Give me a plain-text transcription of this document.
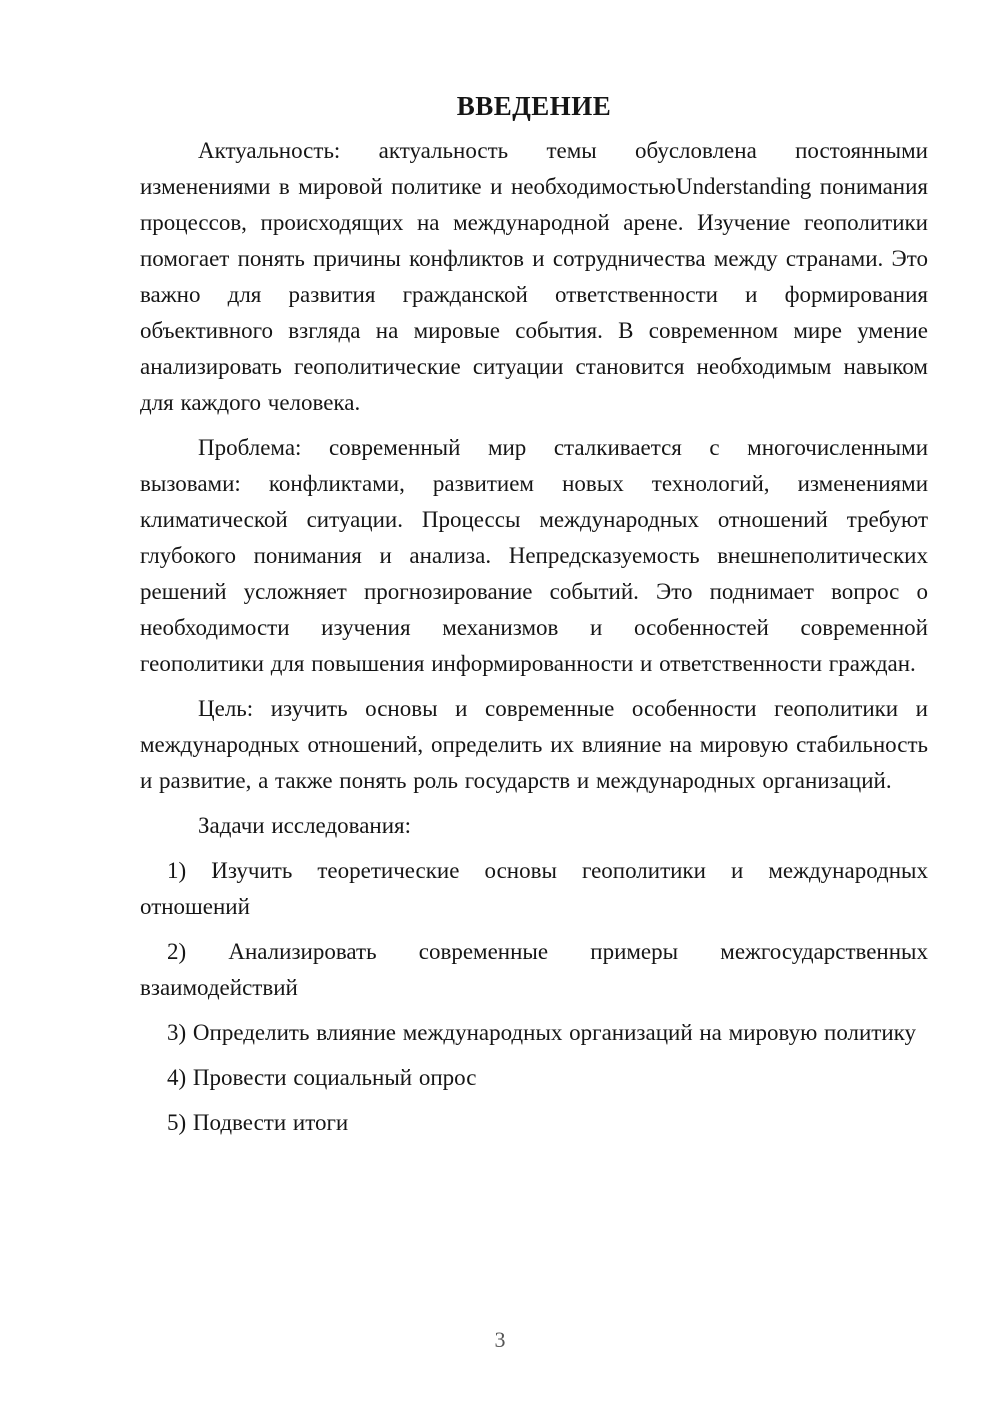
ВВЕДЕНИЕ

Актуальность: актуальность темы обусловлена постоянными изменениями в мировой политике и необходимостьюUnderstanding понимания процессов, происходящих на международной арене. Изучение геополитики помогает понять причины конфликтов и сотрудничества между странами. Это важно для развития гражданской ответственности и формирования объективного взгляда на мировые события. В современном мире умение анализировать геополитические ситуации становится необходимым навыком для каждого человека.

Проблема: современный мир сталкивается с многочисленными вызовами: конфликтами, развитием новых технологий, изменениями климатической ситуации. Процессы международных отношений требуют глубокого понимания и анализа. Непредсказуемость внешнеполитических решений усложняет прогнозирование событий. Это поднимает вопрос о необходимости изучения механизмов и особенностей современной геополитики для повышения информированности и ответственности граждан.

Цель: изучить основы и современные особенности геополитики и международных отношений, определить их влияние на мировую стабильность и развитие, а также понять роль государств и международных организаций.

Задачи исследования:

1) Изучить теоретические основы геополитики и международных отношений

2) Анализировать современные примеры межгосударственных взаимодействий

3) Определить влияние международных организаций на мировую политику

4) Провести социальный опрос

5) Подвести итоги

3
